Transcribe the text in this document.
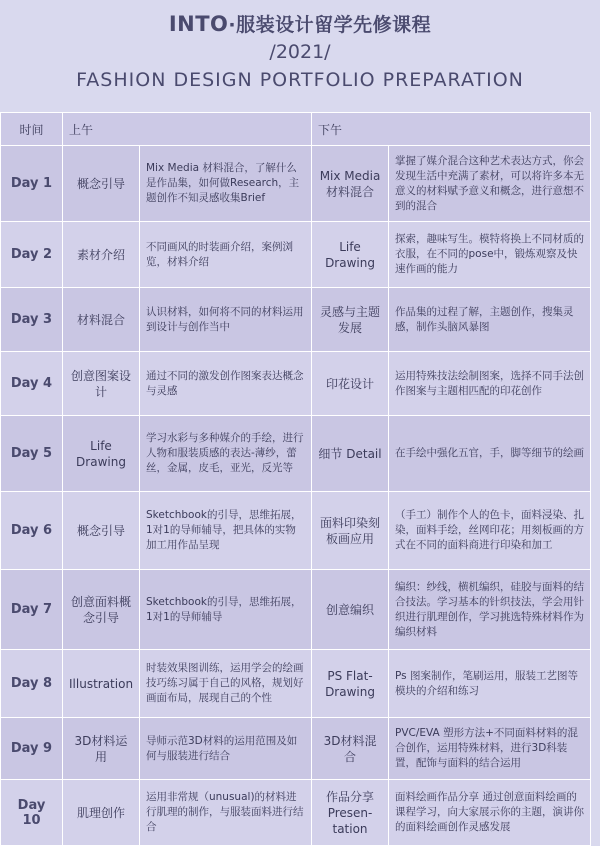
INTO·服装设计留学先修课程
/2021/
FASHION DESIGN PORTFOLIO PREPARATION
时间	上午		下午	
Day 1	概念引导	Mix Media 材料混合，了解什么是作品集，如何做Research，主题创作不知灵感收集Brief	Mix Media 材料混合	掌握了媒介混合这种艺术表达方式，你会发现生活中充满了素材，可以将许多本无意义的材料赋予意义和概念，进行意想不到的混合
Day 2	素材介绍	不同画风的时装画介绍，案例浏览，材料介绍	Life Drawing	探索，趣味写生。模特将换上不同材质的衣服，在不同的pose中，锻炼观察及快速作画的能力
Day 3	材料混合	认识材料，如何将不同的材料运用到设计与创作当中	灵感与主题发展	作品集的过程了解，主题创作，搜集灵感，制作头脑风暴图
Day 4	创意图案设计	通过不同的激发创作图案表达概念与灵感	印花设计	运用特殊技法绘制图案，选择不同手法创作图案与主题相匹配的印花创作
Day 5	Life Drawing	学习水彩与多种媒介的手绘，进行人物和服装质感的表达-薄纱，蕾丝，金属，皮毛，亚光，反光等	细节 Detail	在手绘中强化五官，手，脚等细节的绘画
Day 6	概念引导	Sketchbook的引导，思维拓展，1对1的导师辅导，把具体的实物加工用作品呈现	面料印染刻板画应用	（手工）制作个人的色卡，面料浸染、扎染，面料手绘，丝网印花；用刻板画的方式在不同的面料商进行印染和加工
Day 7	创意面料概念引导	Sketchbook的引导，思维拓展，1对1的导师辅导	创意编织	编织：纱线，横机编织，硅胶与面料的结合技法。学习基本的针织技法，学会用针织进行肌理创作，学习挑选特殊材料作为编织材料
Day 8	Illustration	时装效果图训练，运用学会的绘画技巧练习属于自己的风格，规划好画面布局，展现自己的个性	PS Flat-Drawing	Ps 图案制作，笔刷运用，服装工艺图等模块的介绍和练习
Day 9	3D材料运用	导师示范3D材料的运用范围及如何与服装进行结合	3D材料混合	PVC/EVA 塑形方法+不同面料材料的混合创作，运用特殊材料，进行3D科装置，配饰与面料的结合运用
Day 10	肌理创作	运用非常规（unusual)的材料进行肌理的制作，与服装面料进行结合	作品分享 Presen-tation	面料绘画作品分享 通过创意面料绘画的课程学习，向大家展示你的主题，演讲你的面料绘画创作灵感发展
